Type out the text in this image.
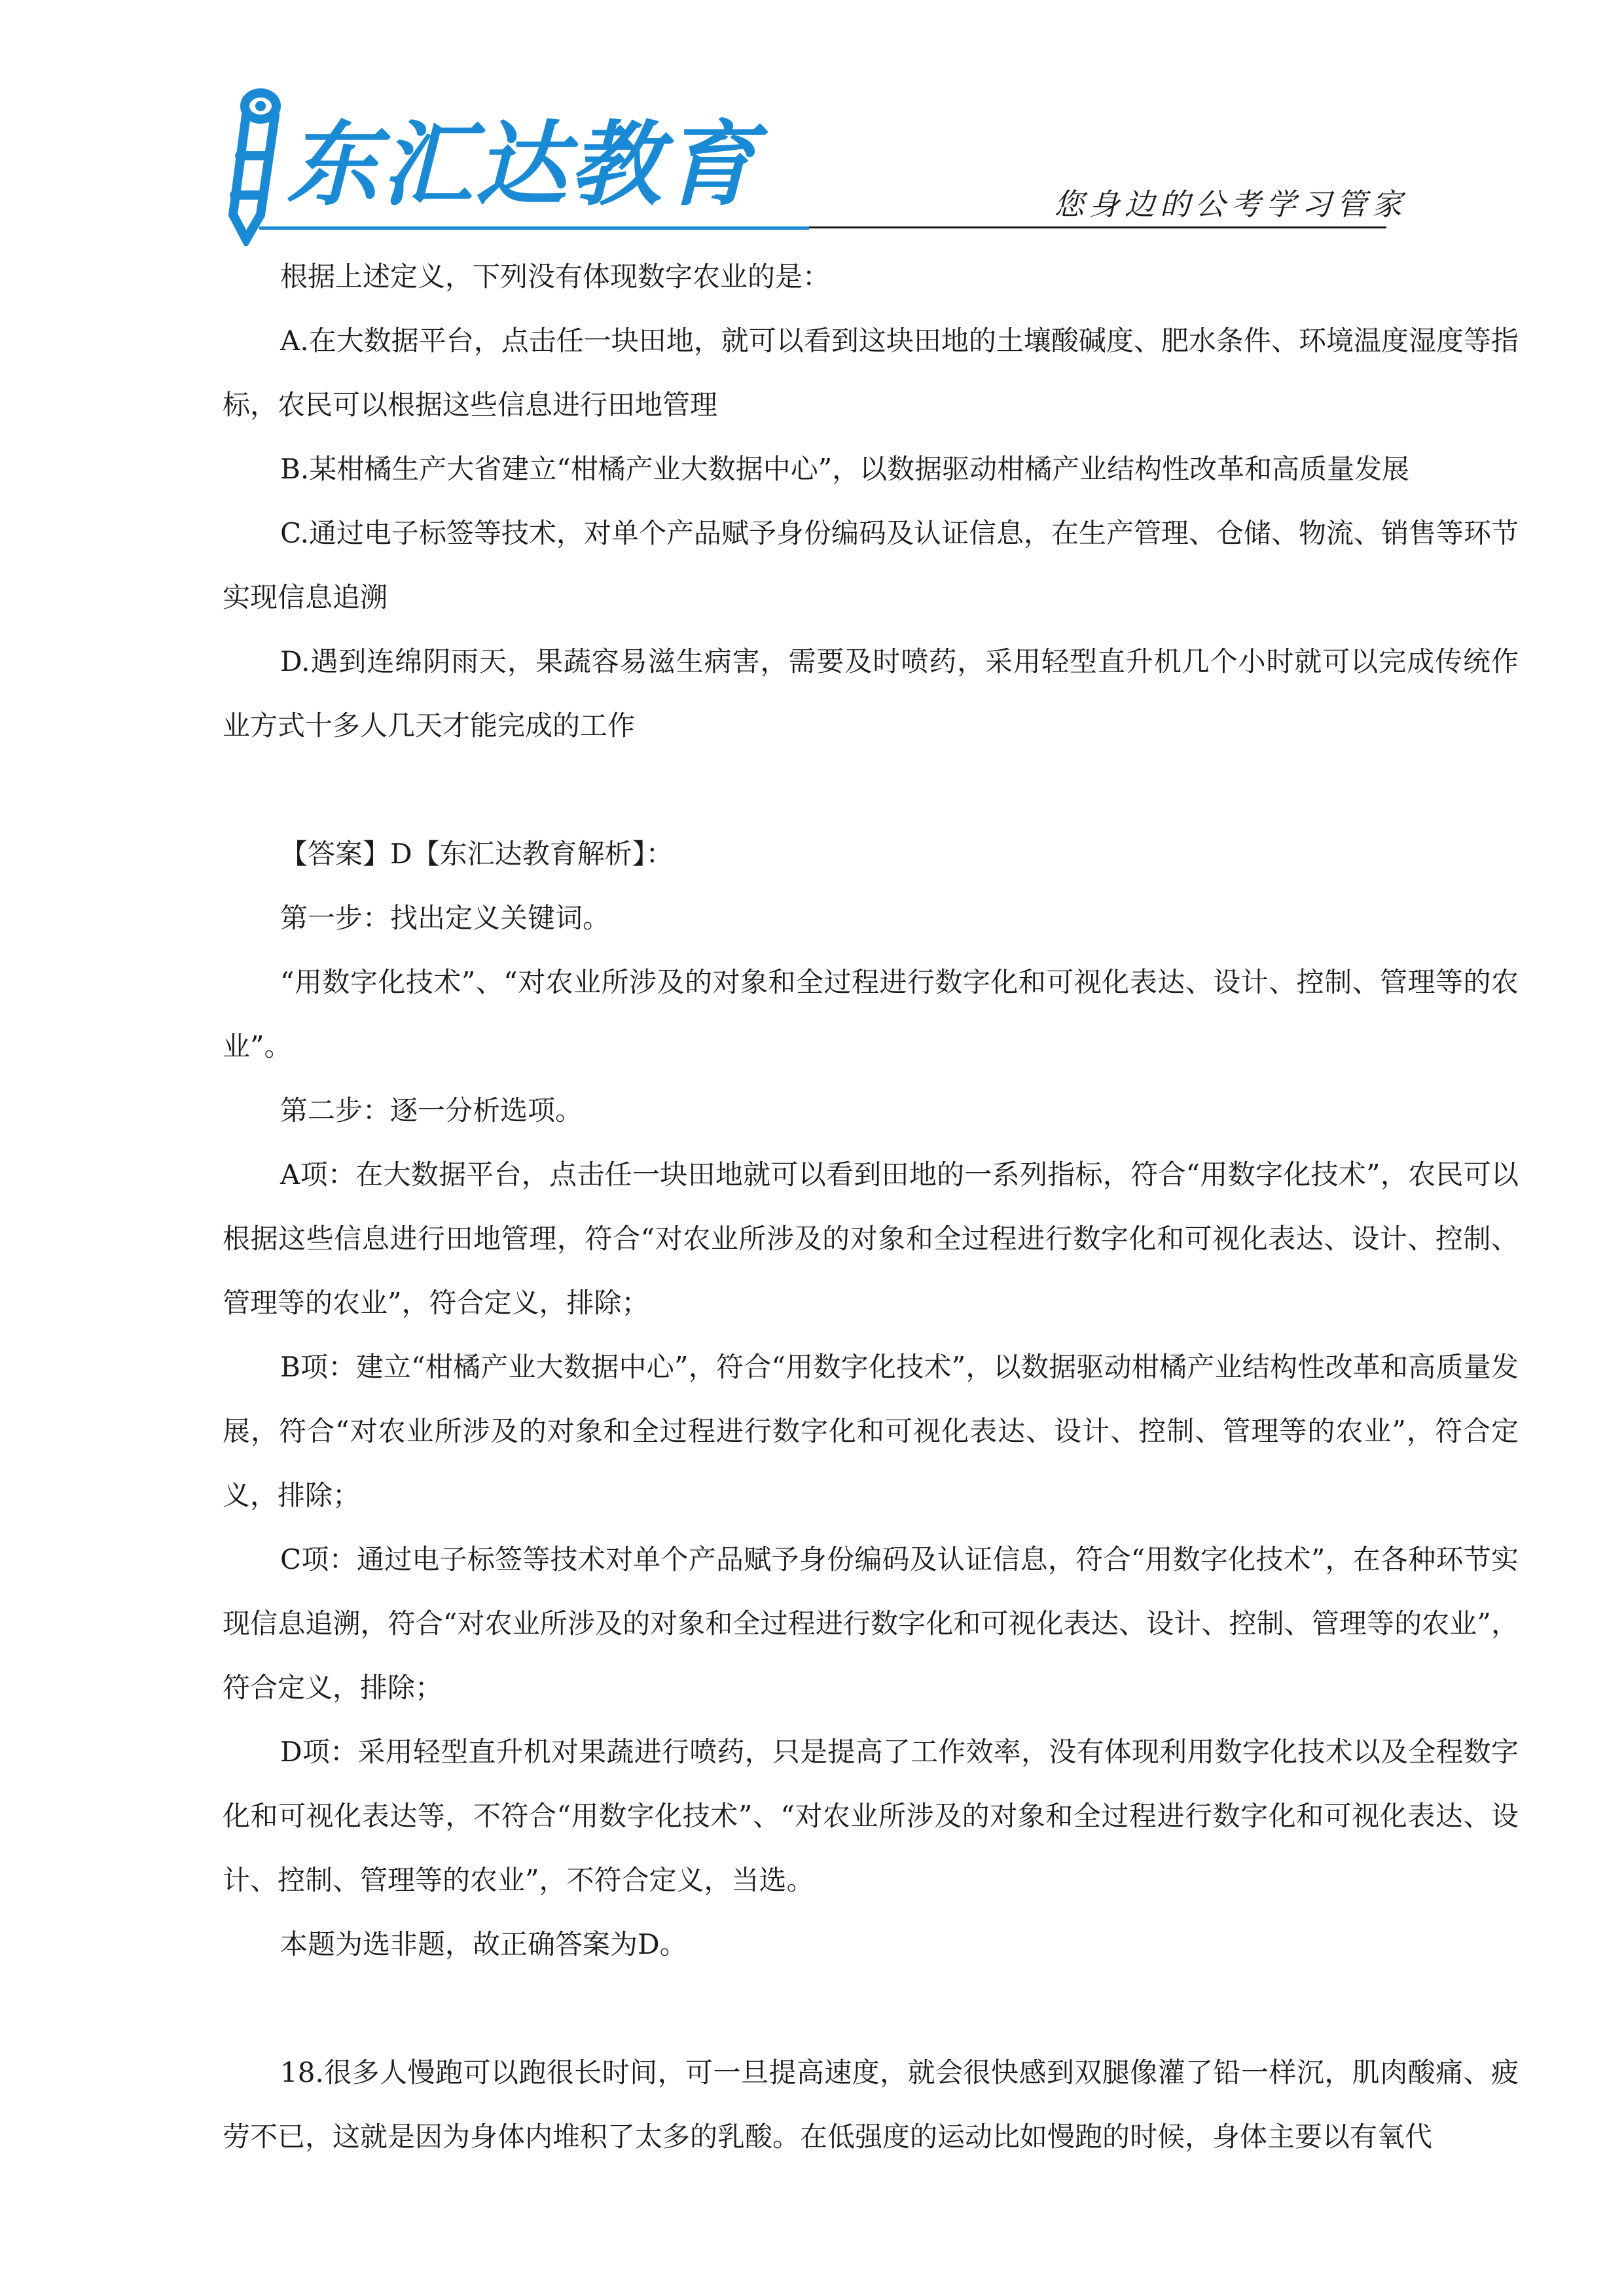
东汇达教育	您身边的公考学习管家

根据上述定义，下列没有体现数字农业的是：

A.在大数据平台，点击任一块田地，就可以看到这块田地的土壤酸碱度、肥水条件、环境温度湿度等指标，农民可以根据这些信息进行田地管理

B.某柑橘生产大省建立“柑橘产业大数据中心”，以数据驱动柑橘产业结构性改革和高质量发展

C.通过电子标签等技术，对单个产品赋予身份编码及认证信息，在生产管理、仓储、物流、销售等环节实现信息追溯

D.遇到连绵阴雨天，果蔬容易滋生病害，需要及时喷药，采用轻型直升机几个小时就可以完成传统作业方式十多人几天才能完成的工作

【答案】D【东汇达教育解析】：

第一步：找出定义关键词。

“用数字化技术”、“对农业所涉及的对象和全过程进行数字化和可视化表达、设计、控制、管理等的农业”。

第二步：逐一分析选项。

A项：在大数据平台，点击任一块田地就可以看到田地的一系列指标，符合“用数字化技术”，农民可以根据这些信息进行田地管理，符合“对农业所涉及的对象和全过程进行数字化和可视化表达、设计、控制、管理等的农业”，符合定义，排除；

B项：建立“柑橘产业大数据中心”，符合“用数字化技术”，以数据驱动柑橘产业结构性改革和高质量发展，符合“对农业所涉及的对象和全过程进行数字化和可视化表达、设计、控制、管理等的农业”，符合定义，排除；

C项：通过电子标签等技术对单个产品赋予身份编码及认证信息，符合“用数字化技术”，在各种环节实现信息追溯，符合“对农业所涉及的对象和全过程进行数字化和可视化表达、设计、控制、管理等的农业”，符合定义，排除；

D项：采用轻型直升机对果蔬进行喷药，只是提高了工作效率，没有体现利用数字化技术以及全程数字化和可视化表达等，不符合“用数字化技术”、“对农业所涉及的对象和全过程进行数字化和可视化表达、设计、控制、管理等的农业”，不符合定义，当选。

本题为选非题，故正确答案为D。

18.很多人慢跑可以跑很长时间，可一旦提高速度，就会很快感到双腿像灌了铅一样沉，肌肉酸痛、疲劳不已，这就是因为身体内堆积了太多的乳酸。在低强度的运动比如慢跑的时候，身体主要以有氧代
